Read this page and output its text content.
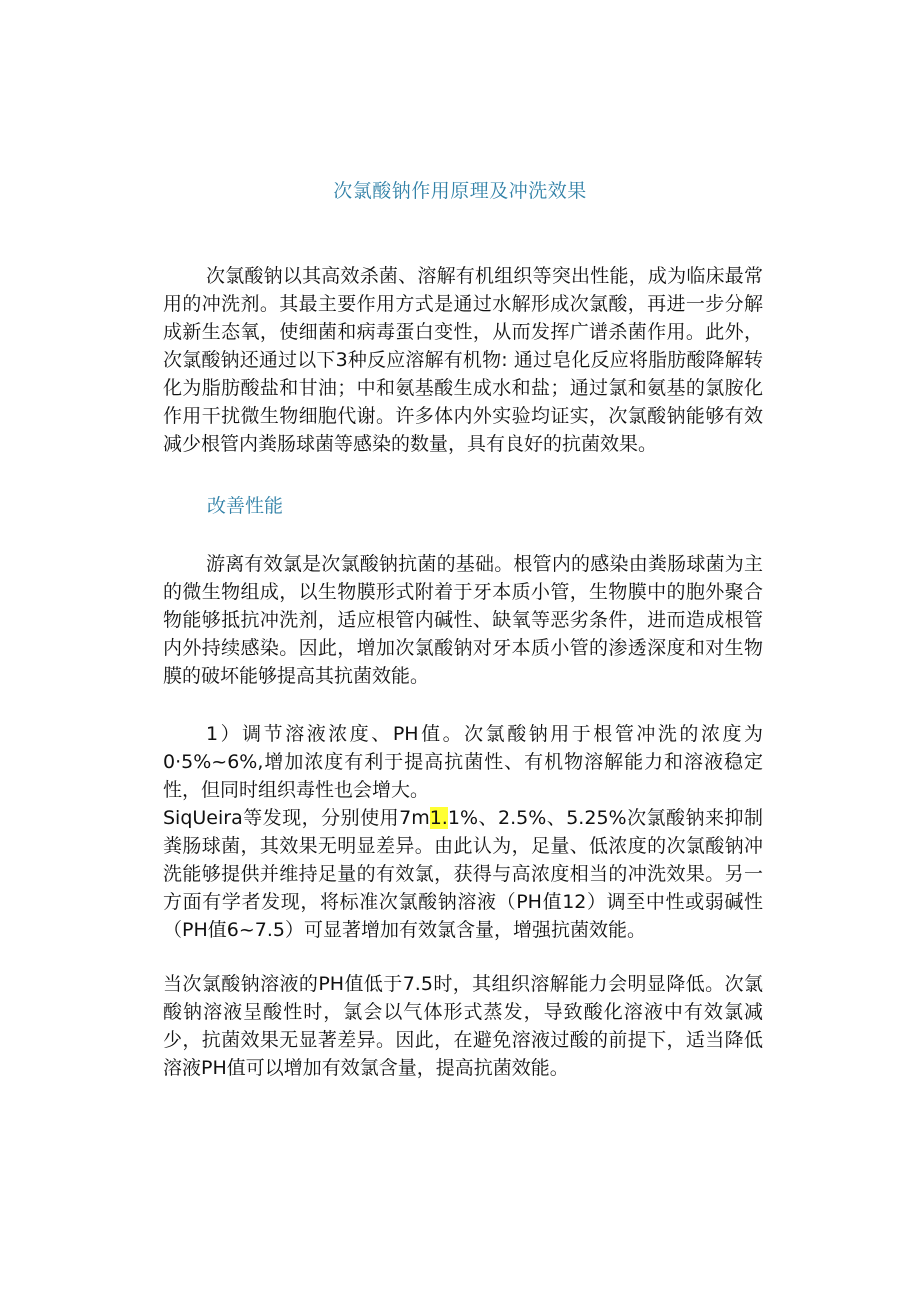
次氯酸钠作用原理及冲洗效果

次氯酸钠以其高效杀菌、溶解有机组织等突出性能，成为临床最常用的冲洗剂。其最主要作用方式是通过水解形成次氯酸，再进一步分解成新生态氧，使细菌和病毒蛋白变性，从而发挥广谱杀菌作用。此外，次氯酸钠还通过以下3种反应溶解有机物: 通过皂化反应将脂肪酸降解转化为脂肪酸盐和甘油；中和氨基酸生成水和盐；通过氯和氨基的氯胺化作用干扰微生物细胞代谢。许多体内外实验均证实，次氯酸钠能够有效减少根管内粪肠球菌等感染的数量，具有良好的抗菌效果。

改善性能

游离有效氯是次氯酸钠抗菌的基础。根管内的感染由粪肠球菌为主的微生物组成，以生物膜形式附着于牙本质小管，生物膜中的胞外聚合物能够抵抗冲洗剂，适应根管内碱性、缺氧等恶劣条件，进而造成根管内外持续感染。因此，增加次氯酸钠对牙本质小管的渗透深度和对生物膜的破坏能够提高其抗菌效能。

1）调节溶液浓度、PH值。次氯酸钠用于根管冲洗的浓度为0·5%~6%,增加浓度有利于提高抗菌性、有机物溶解能力和溶液稳定性，但同时组织毒性也会增大。

SiqUeira等发现，分别使用7m1.1%、2.5%、5.25%次氯酸钠来抑制粪肠球菌，其效果无明显差异。由此认为，足量、低浓度的次氯酸钠冲洗能够提供并维持足量的有效氯，获得与高浓度相当的冲洗效果。另一方面有学者发现，将标准次氯酸钠溶液（PH值12）调至中性或弱碱性（PH值6~7.5）可显著增加有效氯含量，增强抗菌效能。

当次氯酸钠溶液的PH值低于7.5时，其组织溶解能力会明显降低。次氯酸钠溶液呈酸性时，氯会以气体形式蒸发，导致酸化溶液中有效氯减少，抗菌效果无显著差异。因此，在避免溶液过酸的前提下，适当降低溶液PH值可以增加有效氯含量，提高抗菌效能。
